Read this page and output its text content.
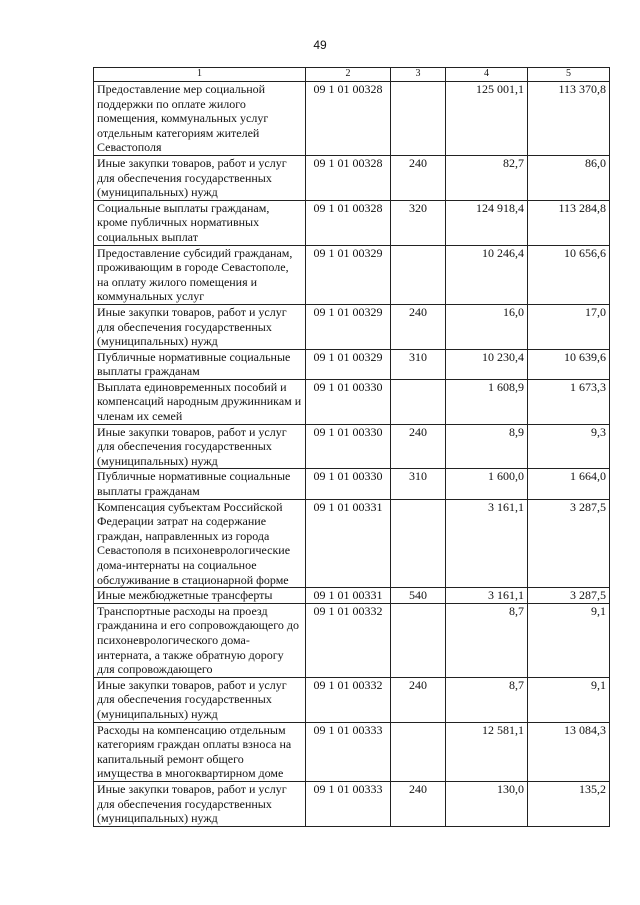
49
1	2	3	4	5
Предоставление мер социальной поддержки по оплате жилого помещения, коммунальных услуг отдельным категориям жителей Севастополя	09 1 01 00328		125 001,1	113 370,8
Иные закупки товаров, работ и услуг для обеспечения государственных (муниципальных) нужд	09 1 01 00328	240	82,7	86,0
Социальные выплаты гражданам, кроме публичных нормативных социальных выплат	09 1 01 00328	320	124 918,4	113 284,8
Предоставление субсидий гражданам, проживающим в городе Севастополе, на оплату жилого помещения и коммунальных услуг	09 1 01 00329		10 246,4	10 656,6
Иные закупки товаров, работ и услуг для обеспечения государственных (муниципальных) нужд	09 1 01 00329	240	16,0	17,0
Публичные нормативные социальные выплаты гражданам	09 1 01 00329	310	10 230,4	10 639,6
Выплата единовременных пособий и компенсаций народным дружинникам и членам их семей	09 1 01 00330		1 608,9	1 673,3
Иные закупки товаров, работ и услуг для обеспечения государственных (муниципальных) нужд	09 1 01 00330	240	8,9	9,3
Публичные нормативные социальные выплаты гражданам	09 1 01 00330	310	1 600,0	1 664,0
Компенсация субъектам Российской Федерации затрат на содержание граждан, направленных из города Севастополя в психоневрологические дома-интернаты на социальное обслуживание в стационарной форме	09 1 01 00331		3 161,1	3 287,5
Иные межбюджетные трансферты	09 1 01 00331	540	3 161,1	3 287,5
Транспортные расходы на проезд гражданина и его сопровождающего до психоневрологического дома-интерната, а также обратную дорогу для сопровождающего	09 1 01 00332		8,7	9,1
Иные закупки товаров, работ и услуг для обеспечения государственных (муниципальных) нужд	09 1 01 00332	240	8,7	9,1
Расходы на компенсацию отдельным категориям граждан оплаты взноса на капитальный ремонт общего имущества в многоквартирном доме	09 1 01 00333		12 581,1	13 084,3
Иные закупки товаров, работ и услуг для обеспечения государственных (муниципальных) нужд	09 1 01 00333	240	130,0	135,2
